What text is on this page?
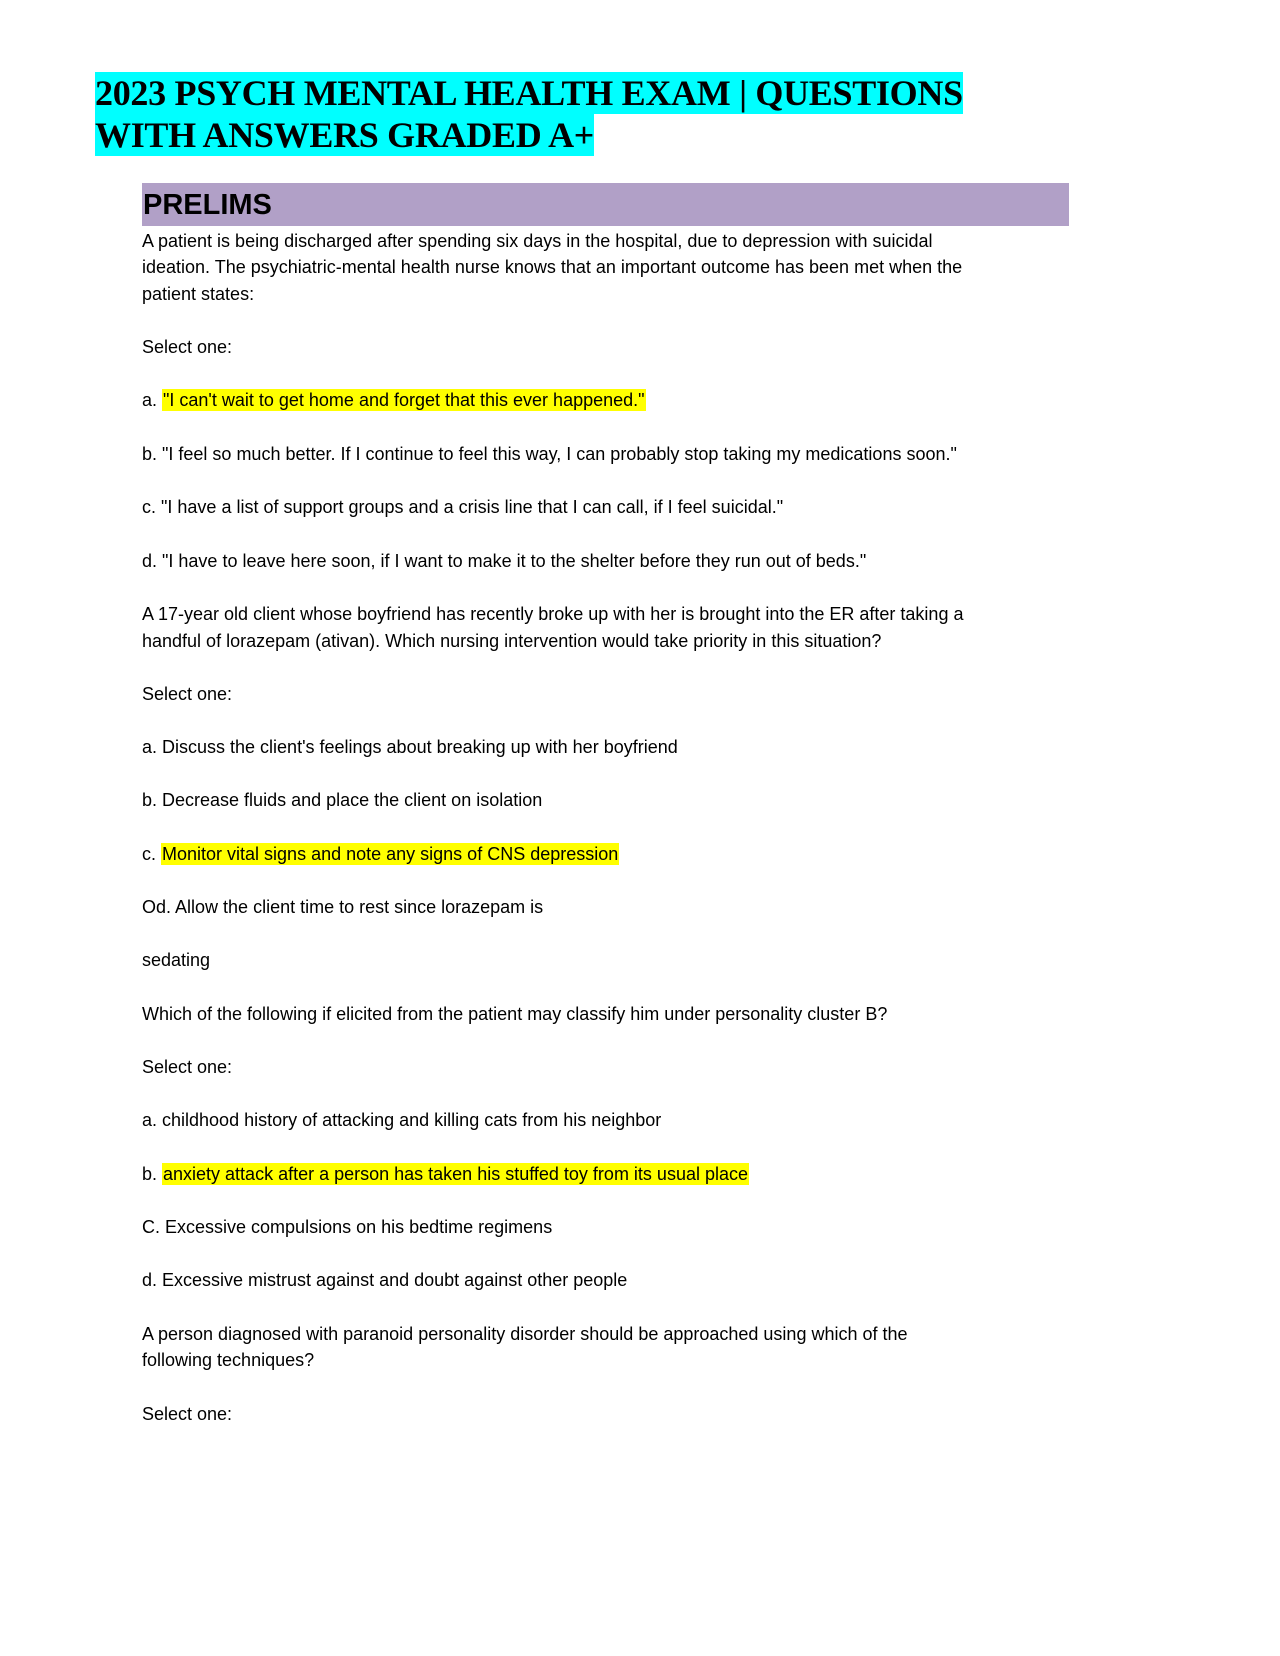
2023 PSYCH MENTAL HEALTH EXAM | QUESTIONS
WITH ANSWERS GRADED A+
PRELIMS
A patient is being discharged after spending six days in the hospital, due to depression with suicidal
ideation. The psychiatric-mental health nurse knows that an important outcome has been met when the
patient states:
Select one:
a. "I can't wait to get home and forget that this ever happened."
b. "I feel so much better. If I continue to feel this way, I can probably stop taking my medications soon."
c. "I have a list of support groups and a crisis line that I can call, if I feel suicidal."
d. "I have to leave here soon, if I want to make it to the shelter before they run out of beds."
A 17-year old client whose boyfriend has recently broke up with her is brought into the ER after taking a
handful of lorazepam (ativan). Which nursing intervention would take priority in this situation?
Select one:
a. Discuss the client's feelings about breaking up with her boyfriend
b. Decrease fluids and place the client on isolation
c. Monitor vital signs and note any signs of CNS depression
Od. Allow the client time to rest since lorazepam is
sedating
Which of the following if elicited from the patient may classify him under personality cluster B?
Select one:
a. childhood history of attacking and killing cats from his neighbor
b. anxiety attack after a person has taken his stuffed toy from its usual place
C. Excessive compulsions on his bedtime regimens
d. Excessive mistrust against and doubt against other people
A person diagnosed with paranoid personality disorder should be approached using which of the
following techniques?
Select one:
